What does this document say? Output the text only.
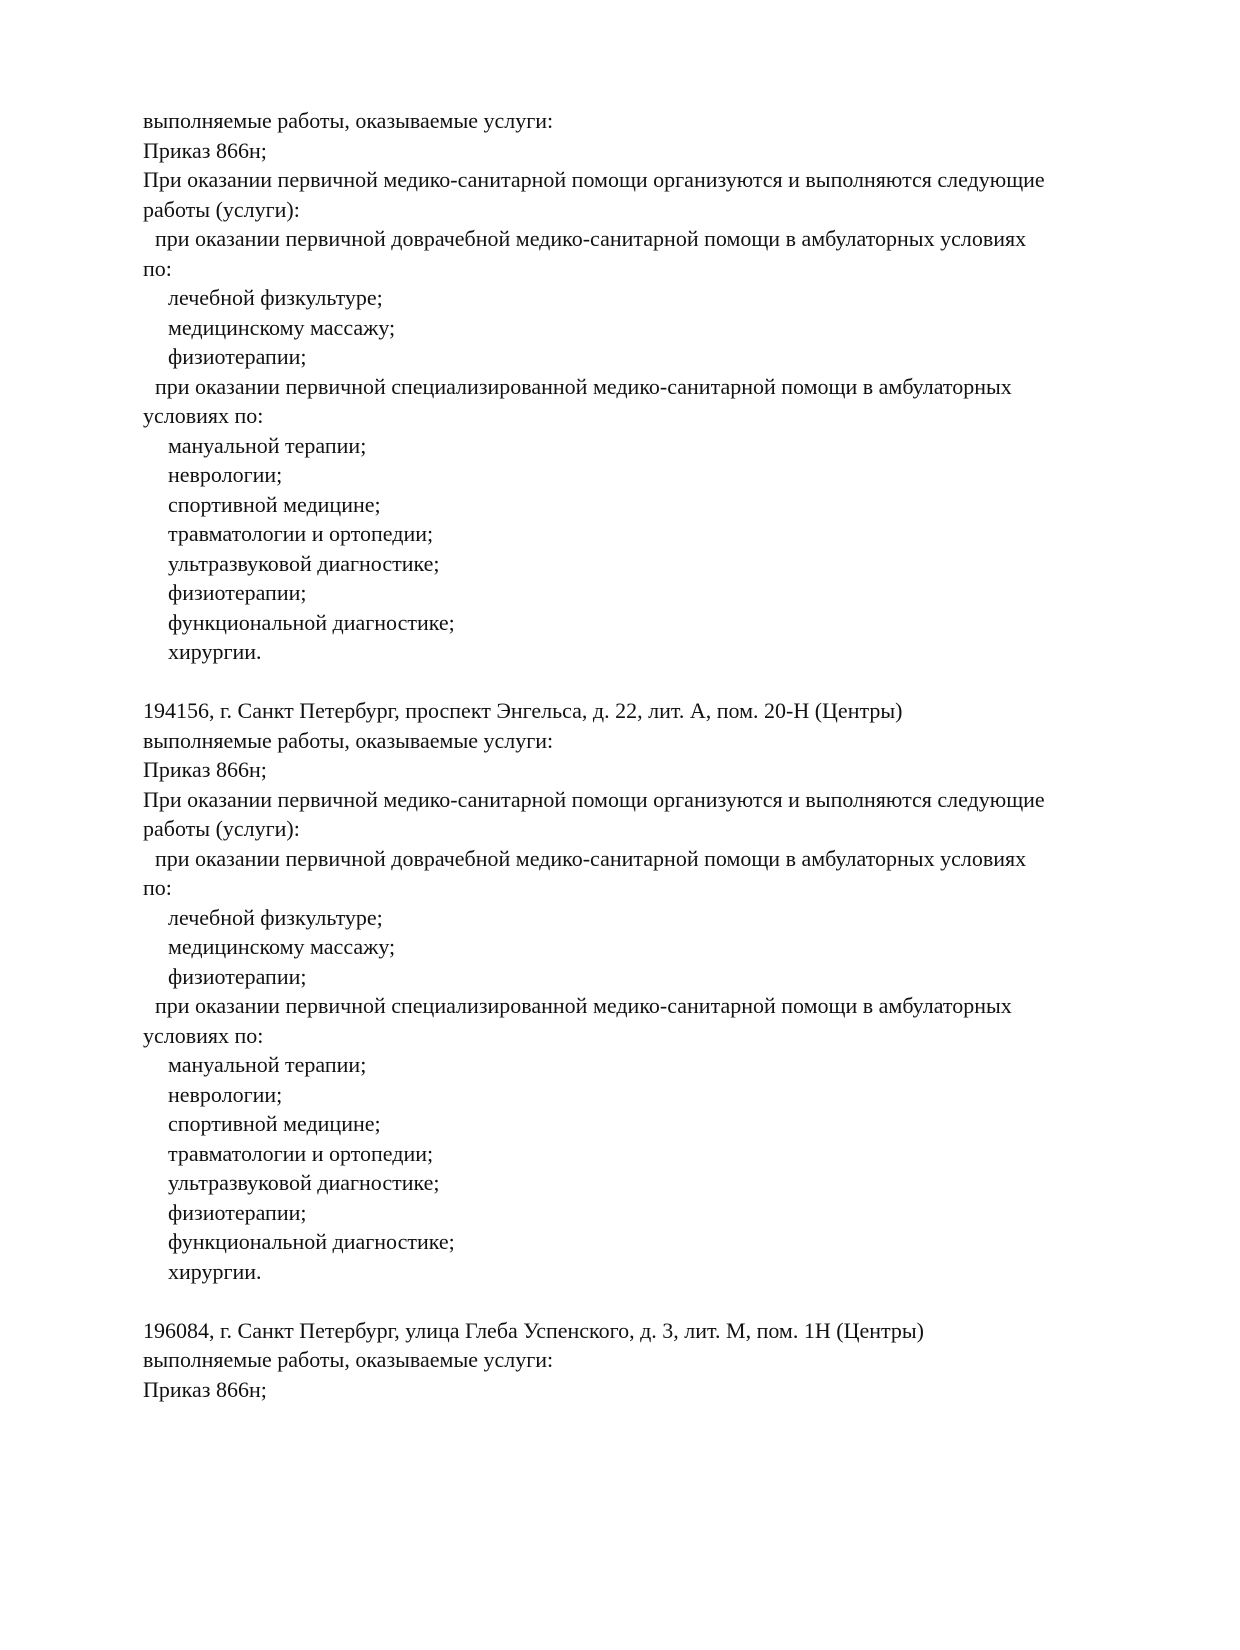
выполняемые работы, оказываемые услуги:
Приказ 866н;
При оказании первичной медико-санитарной помощи организуются и выполняются следующие
работы (услуги):
при оказании первичной доврачебной медико-санитарной помощи в амбулаторных условиях
по:
лечебной физкультуре;
медицинскому массажу;
физиотерапии;
при оказании первичной специализированной медико-санитарной помощи в амбулаторных
условиях по:
мануальной терапии;
неврологии;
спортивной медицине;
травматологии и ортопедии;
ультразвуковой диагностике;
физиотерапии;
функциональной диагностике;
хирургии.
194156, г. Санкт Петербург, проспект Энгельса, д. 22, лит. А, пом. 20-Н (Центры)
выполняемые работы, оказываемые услуги:
Приказ 866н;
При оказании первичной медико-санитарной помощи организуются и выполняются следующие
работы (услуги):
при оказании первичной доврачебной медико-санитарной помощи в амбулаторных условиях
по:
лечебной физкультуре;
медицинскому массажу;
физиотерапии;
при оказании первичной специализированной медико-санитарной помощи в амбулаторных
условиях по:
мануальной терапии;
неврологии;
спортивной медицине;
травматологии и ортопедии;
ультразвуковой диагностике;
физиотерапии;
функциональной диагностике;
хирургии.
196084, г. Санкт Петербург, улица Глеба Успенского, д. 3, лит. М, пом. 1Н (Центры)
выполняемые работы, оказываемые услуги:
Приказ 866н;
